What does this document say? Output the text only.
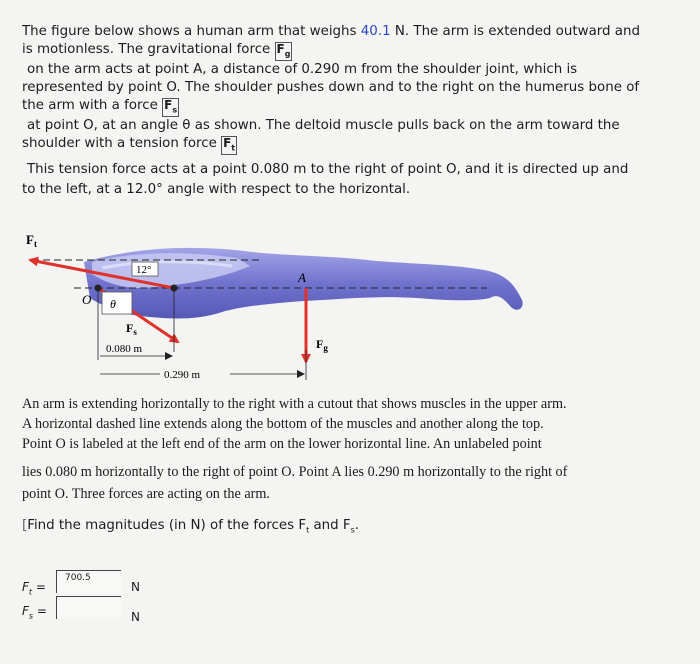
The figure below shows a human arm that weighs 40.1 N. The arm is extended outward and
is motionless. The gravitational force $F_g$
on the arm acts at point A, a distance of 0.290 m from the shoulder joint, which is
represented by point O. The shoulder pushes down and to the right on the humerus bone of
the arm with a force $F_s$
at point O, at an angle θ as shown. The deltoid muscle pulls back on the arm toward the
shoulder with a tension force $F_t$
This tension force acts at a point 0.080 m to the right of point O, and it is directed up and
to the left, at a 12.0° angle with respect to the horizontal.
12°
$F_t$
O θ
$F_s$
A
$F_g$
0.080 m
0.290 m
An arm is extending horizontally to the right with a cutout that shows muscles in the upper arm.
A horizontal dashed line extends along the bottom of the muscles and another along the top.
Point O is labeled at the left end of the arm on the lower horizontal line. An unlabeled point
lies 0.080 m horizontally to the right of point O. Point A lies 0.290 m horizontally to the right of
point O. Three forces are acting on the arm.
[Find the magnitudes (in N) of the forces $F_t$ and $F_s$.
$F_t$ =
700.5
N
$F_s$ =	N
